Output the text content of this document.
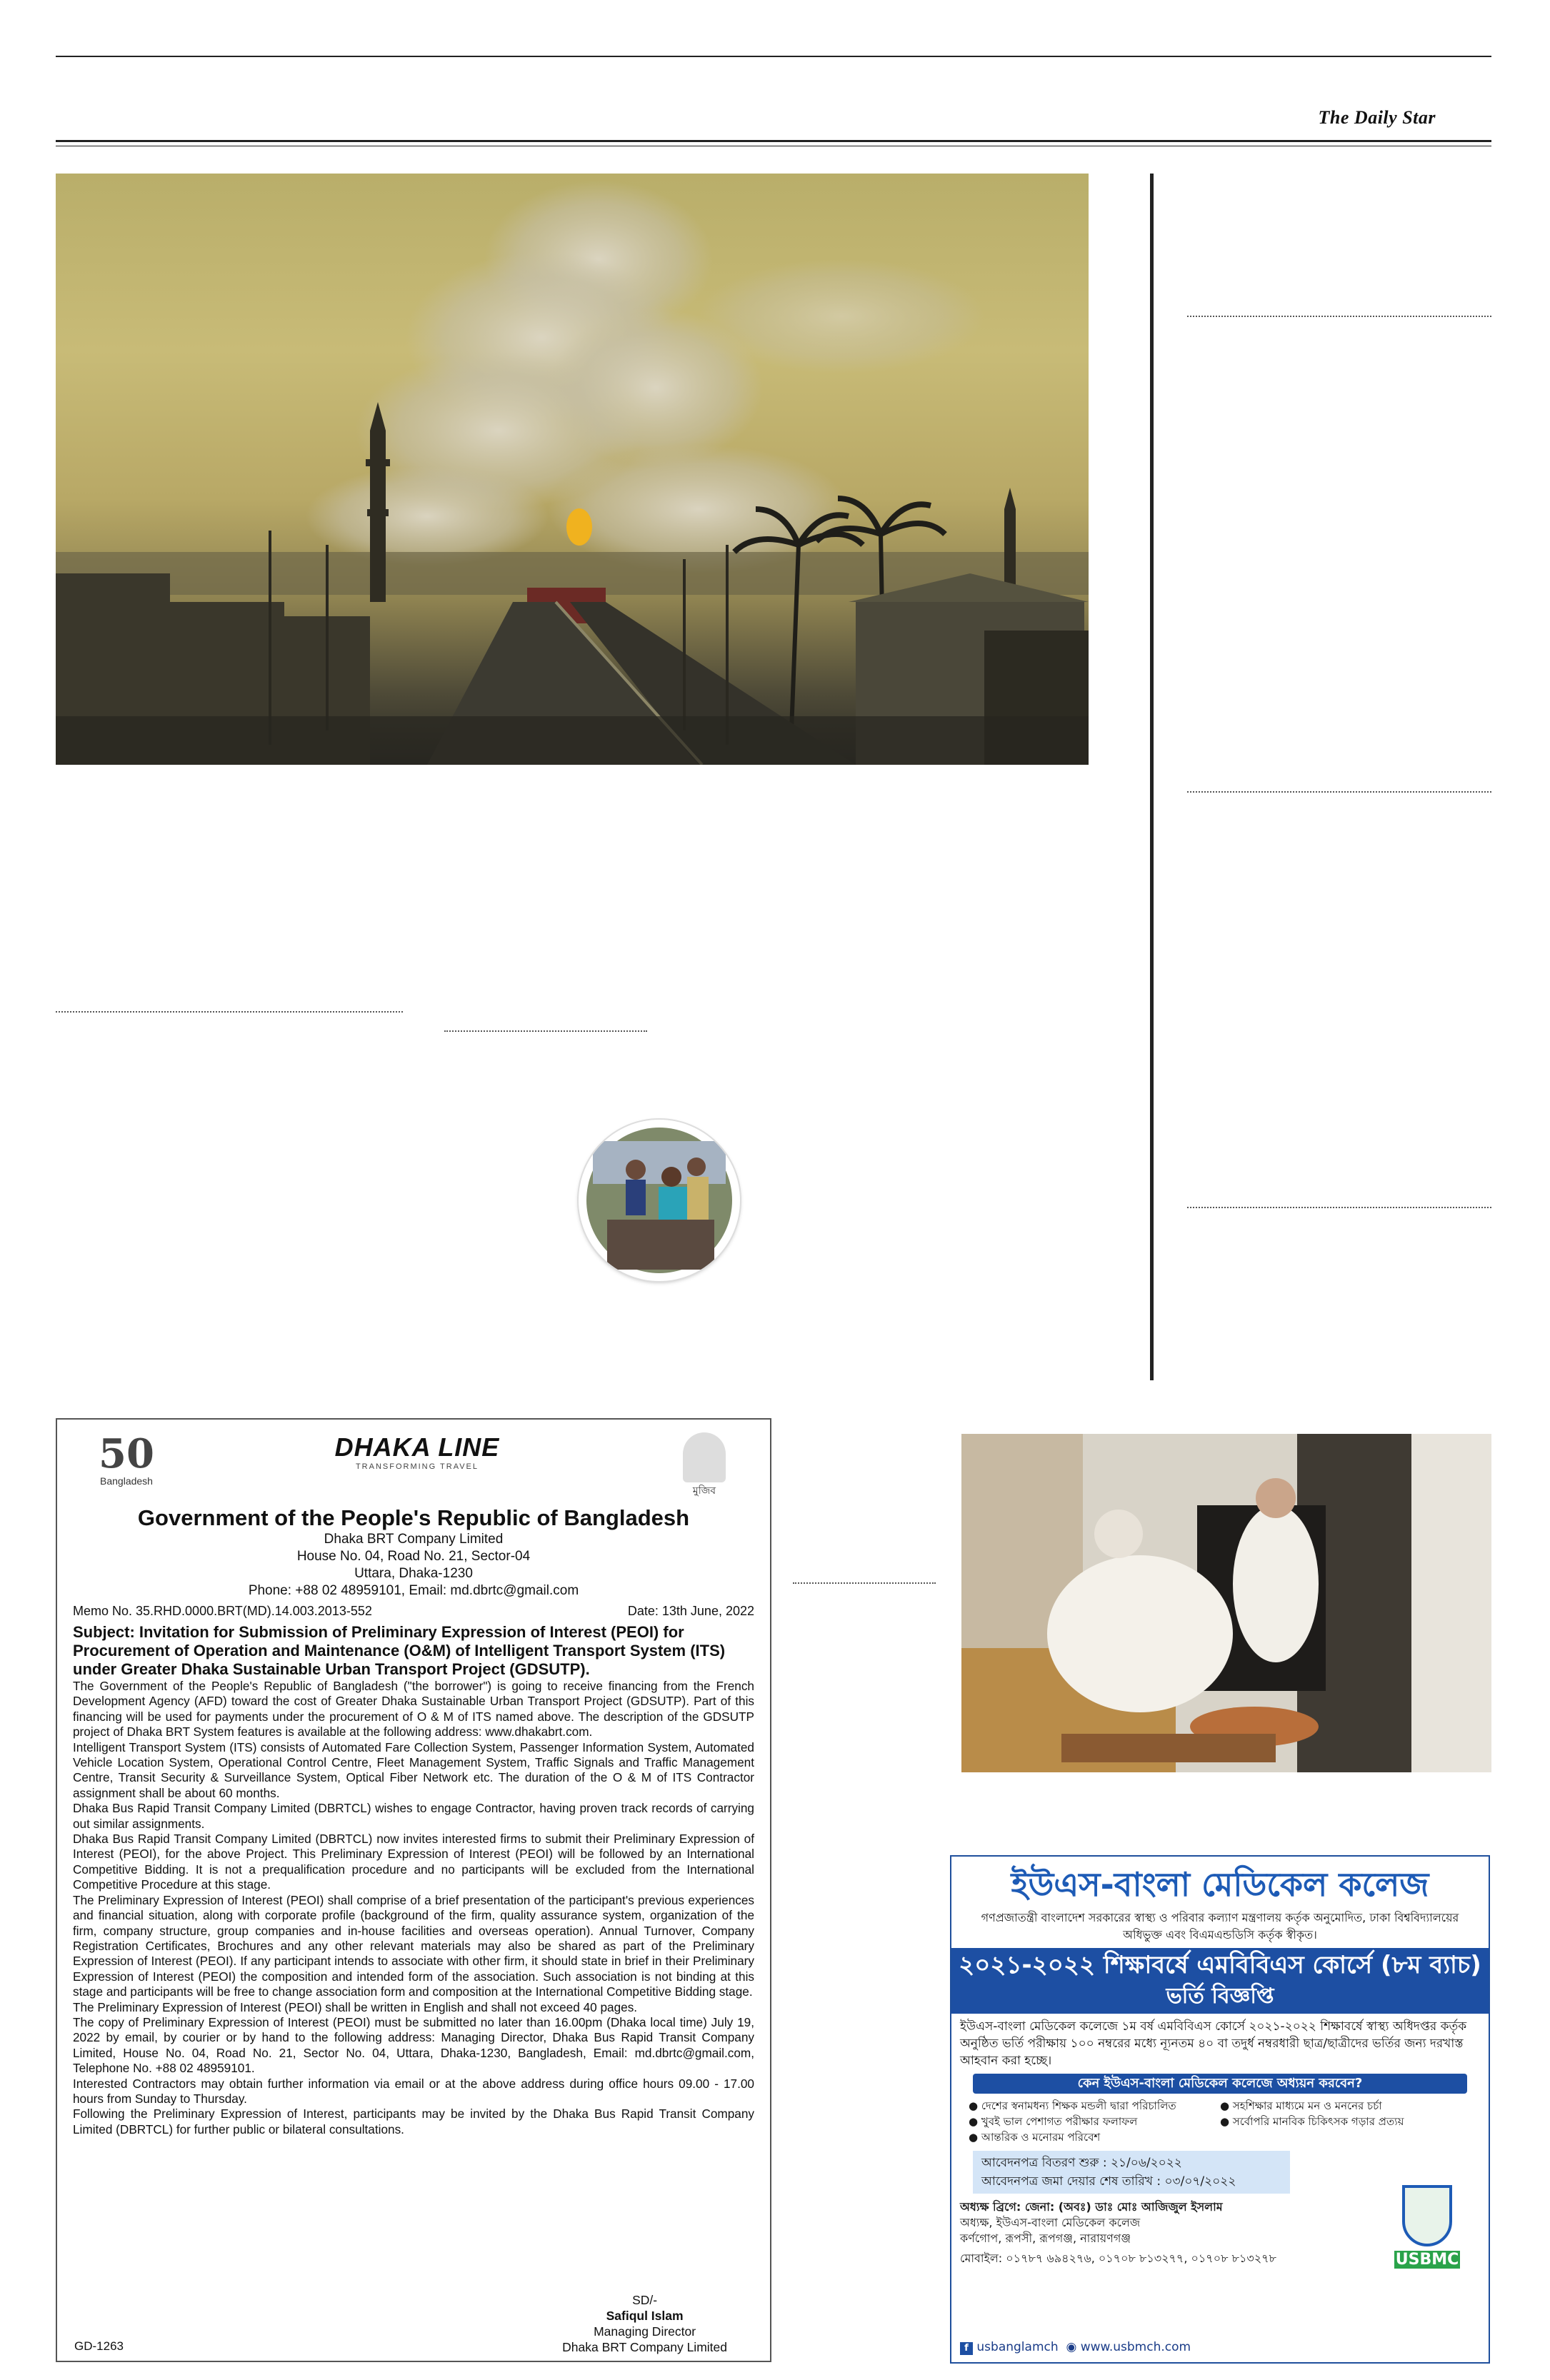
The Daily Star
50
Bangladesh
DHAKA LINE
TRANSFORMING TRAVEL
মুজিব
Government of the People's Republic of Bangladesh
Dhaka BRT Company Limited
House No. 04, Road No. 21, Sector-04
Uttara, Dhaka-1230
Phone: +88 02 48959101, Email: md.dbrtc@gmail.com
Memo No. 35.RHD.0000.BRT(MD).14.003.2013-552	Date: 13th June, 2022
Subject: Invitation for Submission of Preliminary Expression of Interest (PEOI) for Procurement of Operation and Maintenance (O&M) of Intelligent Transport System (ITS) under Greater Dhaka Sustainable Urban Transport Project (GDSUTP).

The Government of the People's Republic of Bangladesh ("the borrower") is going to receive financing from the French Development Agency (AFD) toward the cost of Greater Dhaka Sustainable Urban Transport Project (GDSUTP). Part of this financing will be used for payments under the procurement of O & M of ITS named above. The description of the GDSUTP project of Dhaka BRT System features is available at the following address: www.dhakabrt.com.

Intelligent Transport System (ITS) consists of Automated Fare Collection System, Passenger Information System, Automated Vehicle Location System, Operational Control Centre, Fleet Management System, Traffic Signals and Traffic Management Centre, Transit Security & Surveillance System, Optical Fiber Network etc. The duration of the O & M of ITS Contractor assignment shall be about 60 months.

Dhaka Bus Rapid Transit Company Limited (DBRTCL) wishes to engage Contractor, having proven track records of carrying out similar assignments.

Dhaka Bus Rapid Transit Company Limited (DBRTCL) now invites interested firms to submit their Preliminary Expression of Interest (PEOI), for the above Project. This Preliminary Expression of Interest (PEOI) will be followed by an International Competitive Bidding. It is not a prequalification procedure and no participants will be excluded from the International Competitive Procedure at this stage.

The Preliminary Expression of Interest (PEOI) shall comprise of a brief presentation of the participant's previous experiences and financial situation, along with corporate profile (background of the firm, quality assurance system, organization of the firm, company structure, group companies and in-house facilities and overseas operation). Annual Turnover, Company Registration Certificates, Brochures and any other relevant materials may also be shared as part of the Preliminary Expression of Interest (PEOI). If any participant intends to associate with other firm, it should state in brief in their Preliminary Expression of Interest (PEOI) the composition and intended form of the association. Such association is not binding at this stage and participants will be free to change association form and composition at the International Competitive Bidding stage.

The Preliminary Expression of Interest (PEOI) shall be written in English and shall not exceed 40 pages.

The copy of Preliminary Expression of Interest (PEOI) must be submitted no later than 16.00pm (Dhaka local time) July 19, 2022 by email, by courier or by hand to the following address: Managing Director, Dhaka Bus Rapid Transit Company Limited, House No. 04, Road No. 21, Sector No. 04, Uttara, Dhaka-1230, Bangladesh, Email: md.dbrtc@gmail.com, Telephone No. +88 02 48959101.

Interested Contractors may obtain further information via email or at the above address during office hours 09.00 - 17.00 hours from Sunday to Thursday.

Following the Preliminary Expression of Interest, participants may be invited by the Dhaka Bus Rapid Transit Company Limited (DBRTCL) for further public or bilateral consultations.

SD/-
Safiqul Islam
Managing Director
Dhaka BRT Company Limited
GD-1263
ইউএস-বাংলা মেডিকেল কলেজ
গণপ্রজাতন্ত্রী বাংলাদেশ সরকারের স্বাস্থ্য ও পরিবার কল্যাণ মন্ত্রণালয় কর্তৃক অনুমোদিত, ঢাকা বিশ্ববিদ্যালয়ের অধিভুক্ত এবং বিএমএন্ডডিসি কর্তৃক স্বীকৃত।
২০২১-২০২২ শিক্ষাবর্ষে এমবিবিএস কোর্সে (৮ম ব্যাচ)
ভর্তি বিজ্ঞপ্তি
ইউএস-বাংলা মেডিকেল কলেজে ১ম বর্ষ এমবিবিএস কোর্সে ২০২১-২০২২ শিক্ষাবর্ষে স্বাস্থ্য অধিদপ্তর কর্তৃক অনুষ্ঠিত ভর্তি পরীক্ষায় ১০০ নম্বরের মধ্যে ন্যূনতম ৪০ বা তদুর্ধ নম্বরধারী ছাত্র/ছাত্রীদের ভর্তির জন্য দরখাস্ত আহবান করা হচ্ছে।
কেন ইউএস-বাংলা মেডিকেল কলেজে অধ্যয়ন করবেন?
● দেশের স্বনামধন্য শিক্ষক মন্ডলী দ্বারা পরিচালিত	● সহশিক্ষার মাধ্যমে মন ও মননের চর্চা
● খুবই ভাল পেশাগত পরীক্ষার ফলাফল	● সর্বোপরি মানবিক চিকিৎসক গড়ার প্রত্যয়
● আন্তরিক ও মনোরম পরিবেশ
আবেদনপত্র বিতরণ শুরু : ২১/০৬/২০২২
আবেদনপত্র জমা দেয়ার শেষ তারিখ : ০৩/০৭/২০২২
অধ্যক্ষ ব্রিগে: জেনা: (অবঃ) ডাঃ মোঃ আজিজুল ইসলাম
অধ্যক্ষ, ইউএস-বাংলা মেডিকেল কলেজ
কর্ণগোপ, রূপসী, রূপগঞ্জ, নারায়ণগঞ্জ
মোবাইল: ০১৭৮৭ ৬৯৪২৭৬, ০১৭০৮ ৮১৩২৭৭, ০১৭০৮ ৮১৩২৭৮	USBMC
f usbanglamch ◉ www.usbmch.com
